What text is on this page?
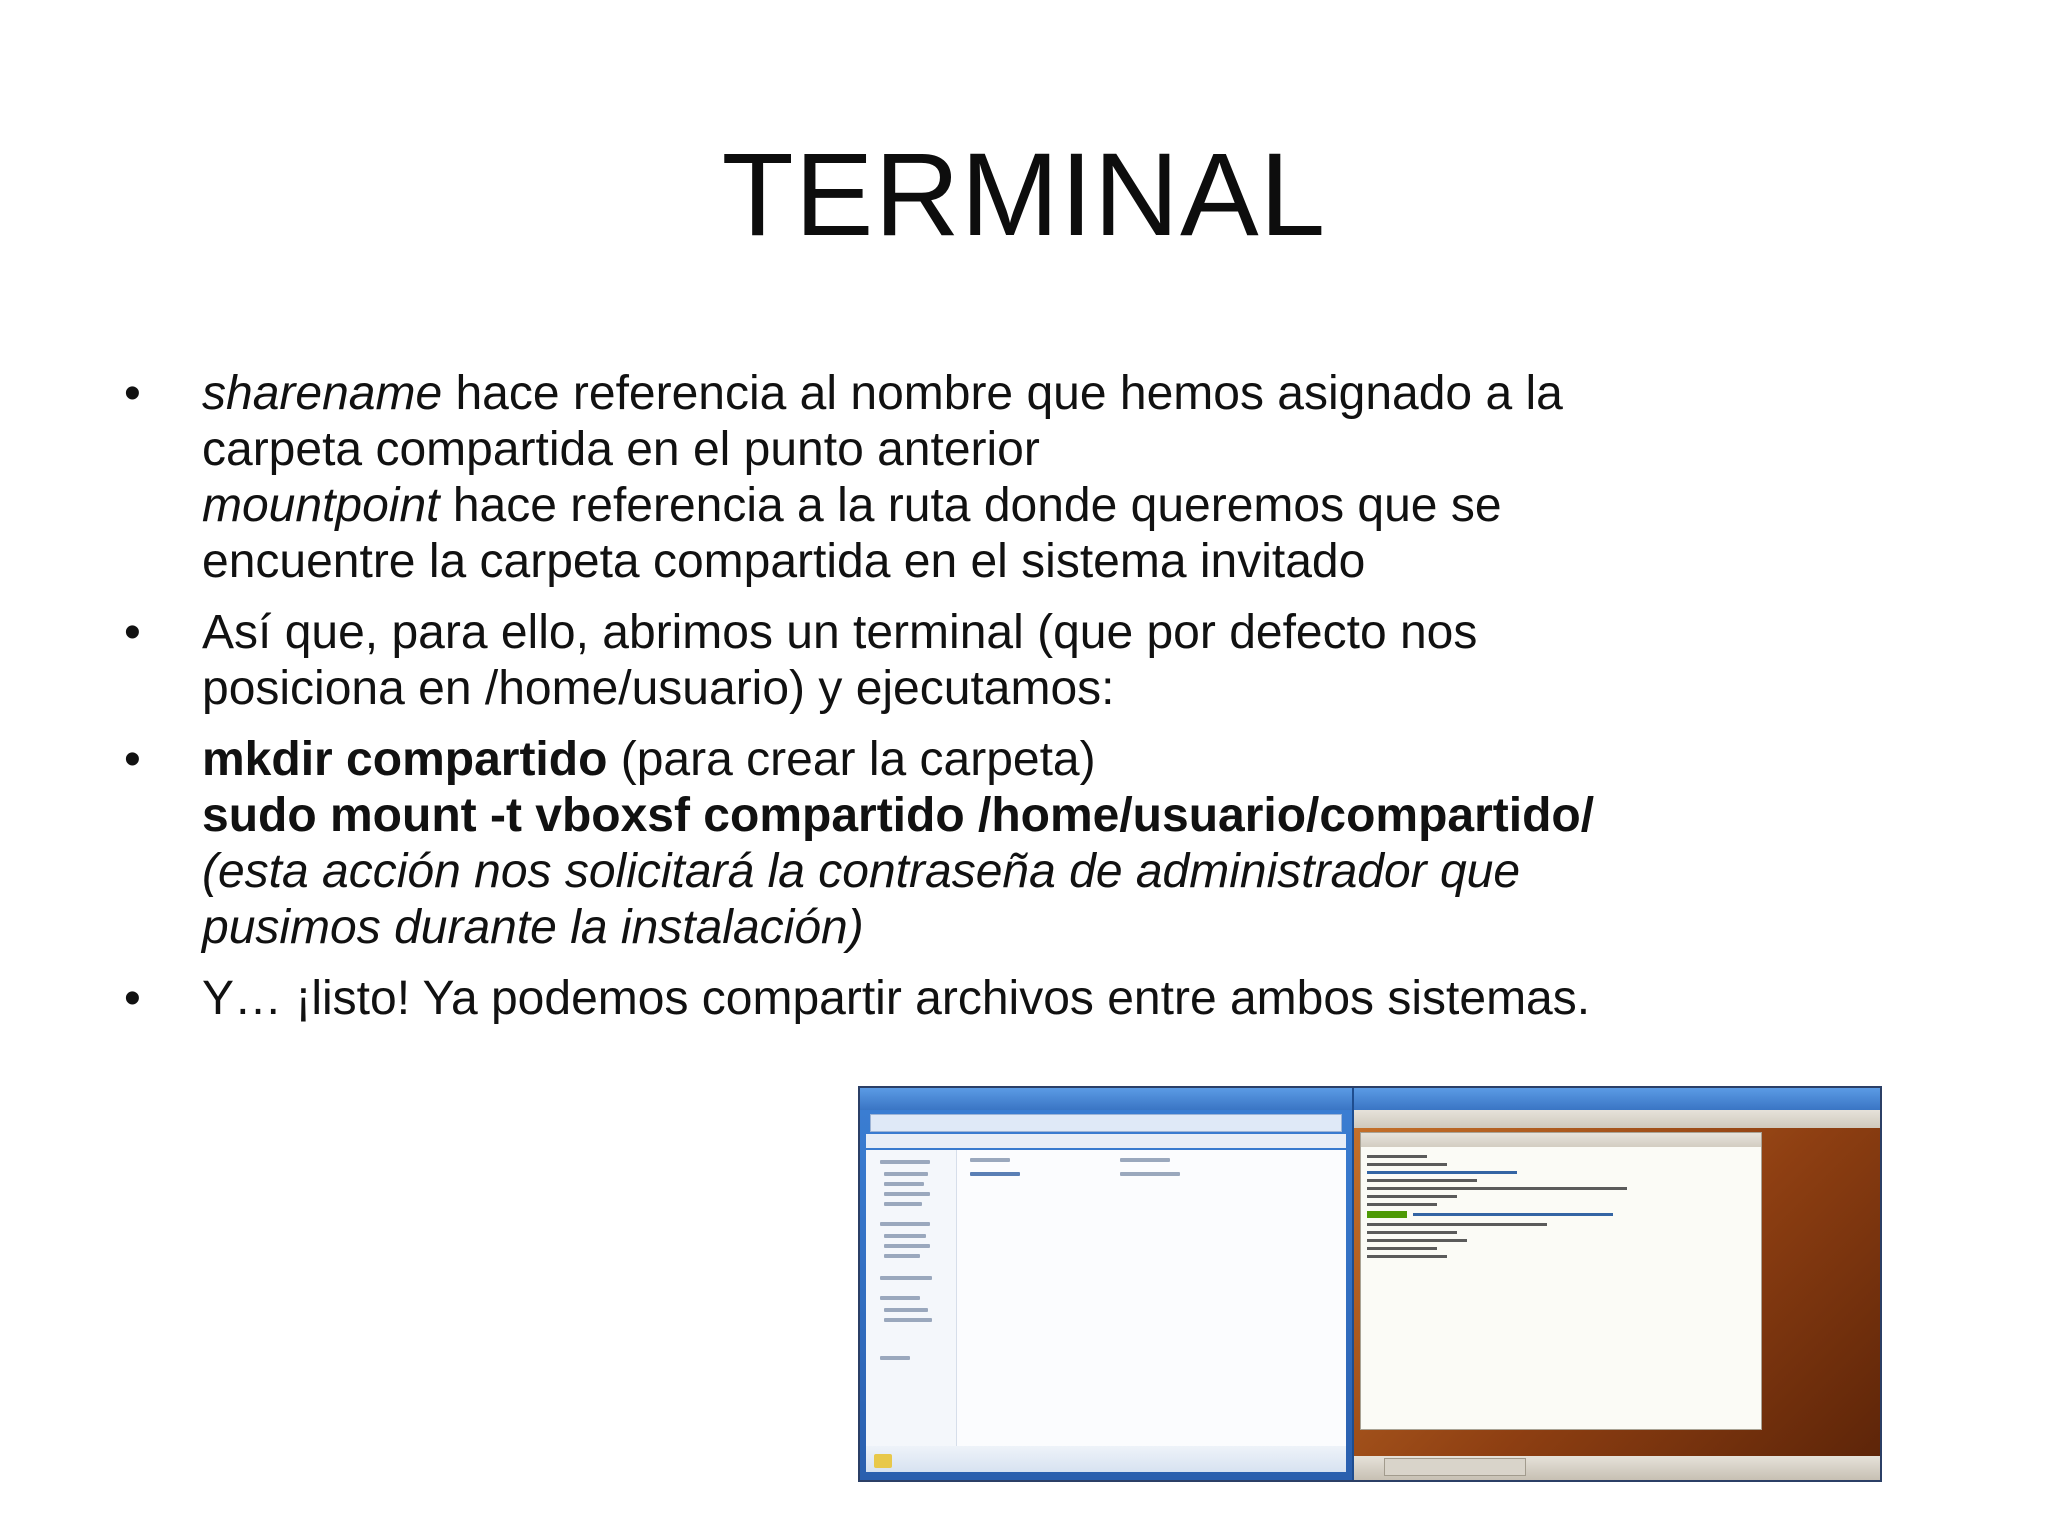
TERMINAL
•	sharename hace referencia al nombre que hemos asignado a la
carpeta compartida en el punto anterior
mountpoint hace referencia a la ruta donde queremos que se
encuentre la carpeta compartida en el sistema invitado
•	Así que, para ello, abrimos un terminal (que por defecto nos
posiciona en /home/usuario) y ejecutamos:
•	mkdir compartido (para crear la carpeta)
sudo mount -t vboxsf compartido /home/usuario/compartido/
(esta acción nos solicitará la contraseña de administrador que
pusimos durante la instalación)
•	Y… ¡listo! Ya podemos compartir archivos entre ambos sistemas.
